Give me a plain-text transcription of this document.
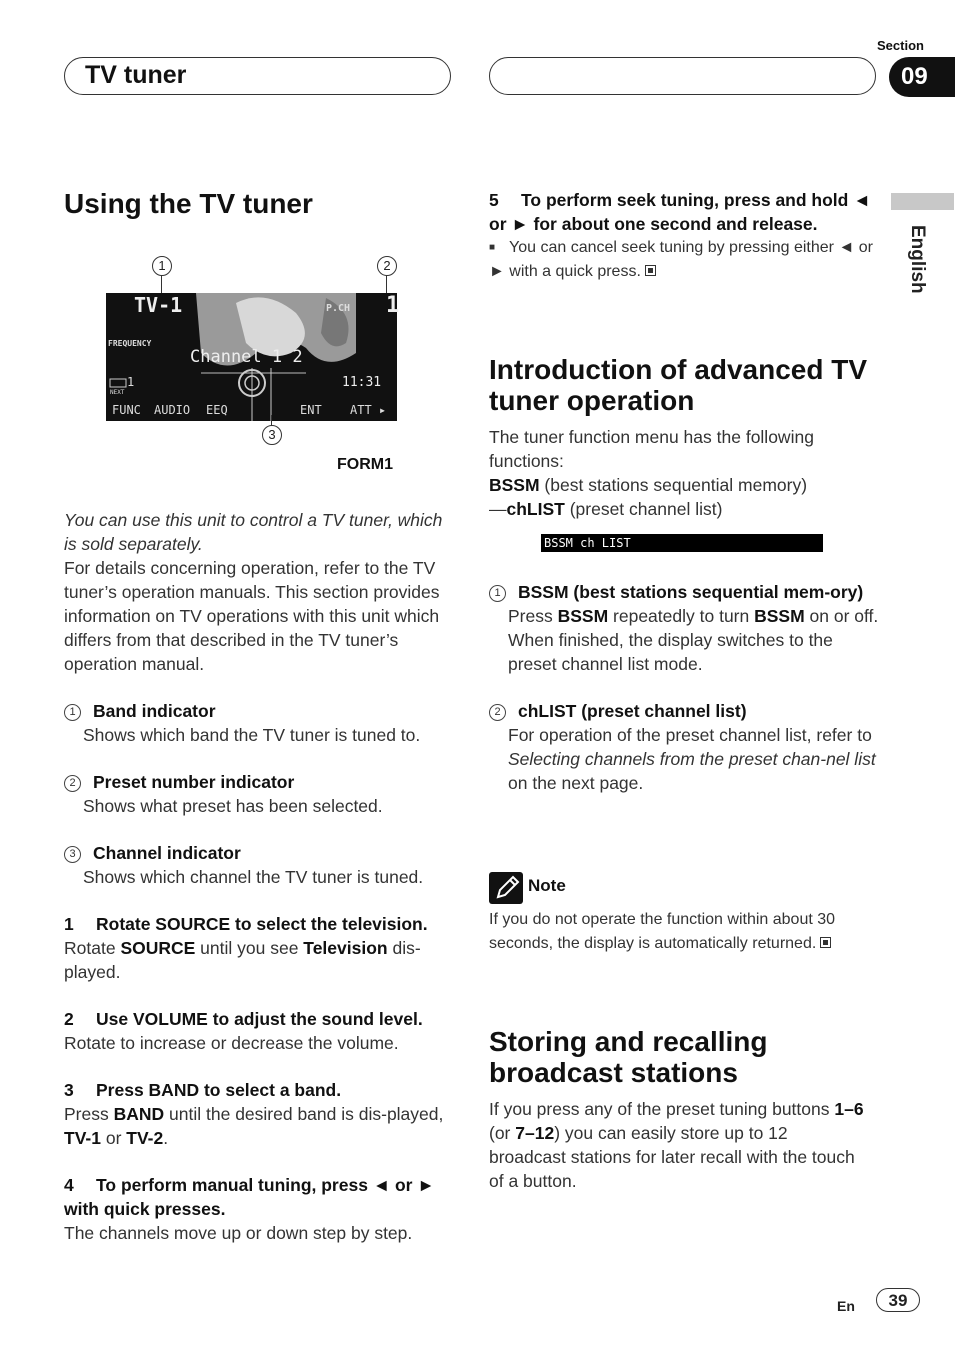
TV tuner
Section
09
English
Using the TV tuner
1	2
TV-1	P.CH 1
FREQUENCY
Channel 1 2
NEXT
1	11:31
FUNC AUDIO EEQ	ENT ATT ▸
3
FORM1

You can use this unit to control a TV tuner, which is sold separately.

For details concerning operation, refer to the TV tuner’s operation manuals. This section provides information on TV operations with this unit which differs from that described in the TV tuner’s operation manual.

1 Band indicator

Shows which band the TV tuner is tuned to.

2 Preset number indicator

Shows what preset has been selected.

3 Channel indicator

Shows which channel the TV tuner is tuned.

1 Rotate SOURCE to select the television.

Rotate SOURCE until you see Television dis-played.

2 Use VOLUME to adjust the sound level.

Rotate to increase or decrease the volume.

3 Press BAND to select a band.

Press BAND until the desired band is dis-played, TV-1 or TV-2.

4 To perform manual tuning, press ◄ or ► with quick presses.

The channels move up or down step by step.

5 To perform seek tuning, press and hold ◄ or ► for about one second and release.

■ You can cancel seek tuning by pressing either ◄ or ► with a quick press.

Introduction of advanced TV tuner operation

The tuner function menu has the following functions:

BSSM (best stations sequential memory)

—chLIST (preset channel list)

BSSM ch LIST

1 BSSM (best stations sequential mem-ory)

Press BSSM repeatedly to turn BSSM on or off.

When finished, the display switches to the preset channel list mode.

2 chLIST (preset channel list)

For operation of the preset channel list, refer to Selecting channels from the preset chan-nel list on the next page.

Note

If you do not operate the function within about 30 seconds, the display is automatically returned.

Storing and recalling broadcast stations

If you press any of the preset tuning buttons 1–6 (or 7–12) you can easily store up to 12 broadcast stations for later recall with the touch of a button.

En	39
